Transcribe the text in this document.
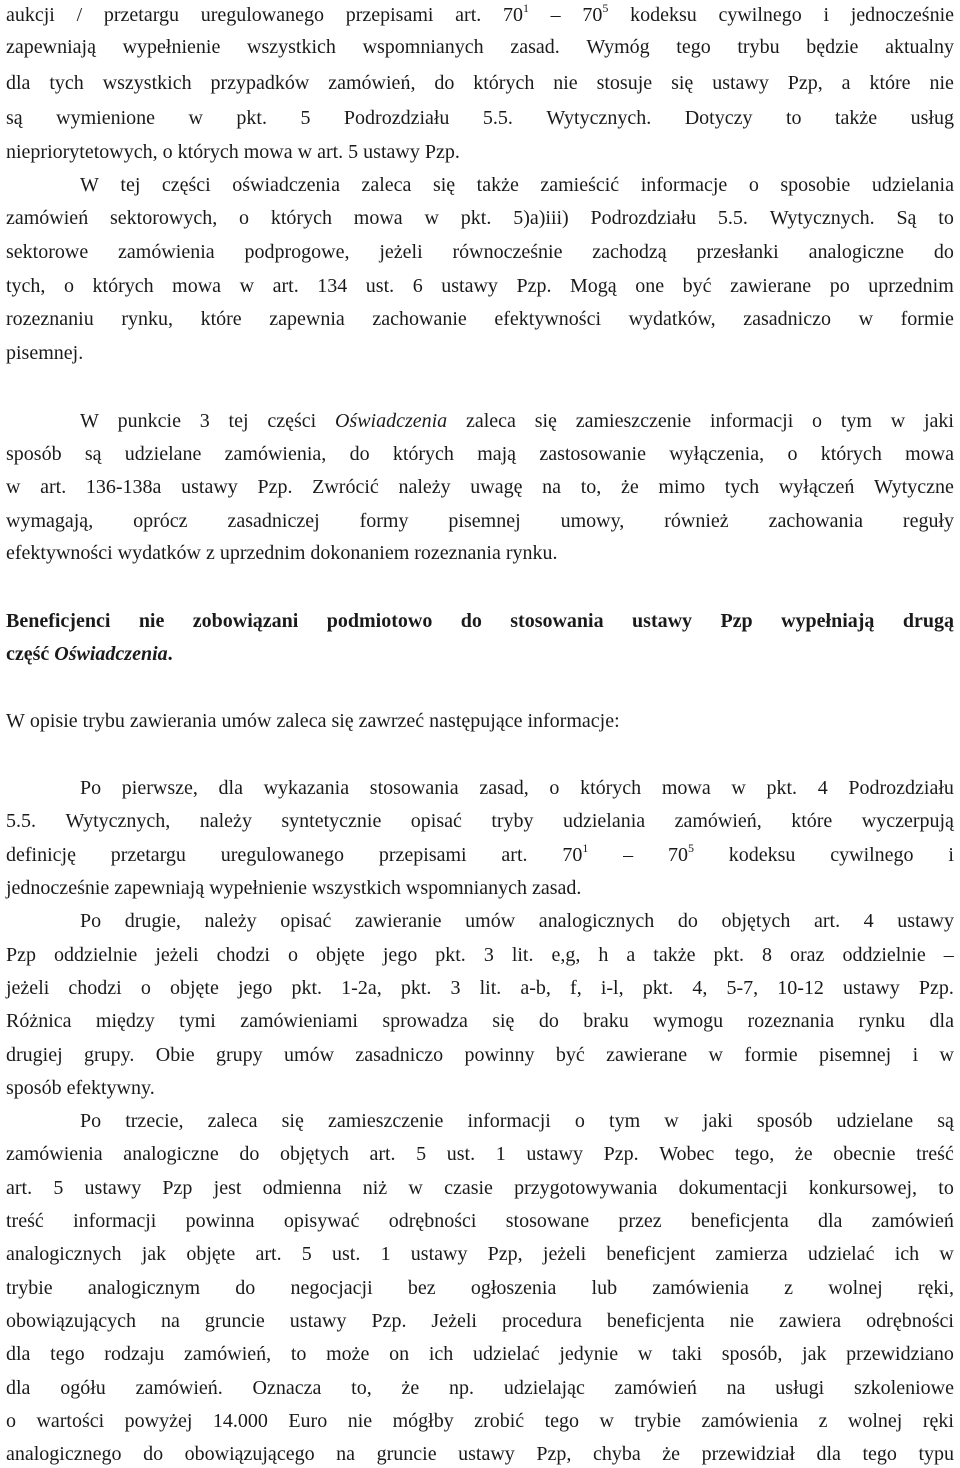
aukcji / przetargu uregulowanego przepisami art. $70^1 - 70^5$ kodeksu cywilnego i jednocześnie
zapewniają wypełnienie wszystkich wspomnianych zasad. Wymóg tego trybu będzie aktualny
dla tych wszystkich przypadków zamówień, do których nie stosuje się ustawy Pzp, a które nie
są wymienione w pkt. 5 Podrozdziału 5.5. Wytycznych. Dotyczy to także usług
niepriorytetowych, o których mowa w art. 5 ustawy Pzp.
W tej części oświadczenia zaleca się także zamieścić informacje o sposobie udzielania
zamówień sektorowych, o których mowa w pkt. 5)a)iii) Podrozdziału 5.5. Wytycznych. Są to
sektorowe zamówienia podprogowe, jeżeli równocześnie zachodzą przesłanki analogiczne do
tych, o których mowa w art. 134 ust. 6 ustawy Pzp. Mogą one być zawierane po uprzednim
rozeznaniu rynku, które zapewnia zachowanie efektywności wydatków, zasadniczo w formie
pisemnej.
W punkcie 3 tej części Oświadczenia zaleca się zamieszczenie informacji o tym w jaki
sposób są udzielane zamówienia, do których mają zastosowanie wyłączenia, o których mowa
w art. 136-138a ustawy Pzp. Zwrócić należy uwagę na to, że mimo tych wyłączeń Wytyczne
wymagają, oprócz zasadniczej formy pisemnej umowy, również zachowania reguły
efektywności wydatków z uprzednim dokonaniem rozeznania rynku.
Beneficjenci nie zobowiązani podmiotowo do stosowania ustawy Pzp wypełniają drugą
część Oświadczenia.
W opisie trybu zawierania umów zaleca się zawrzeć następujące informacje:
Po pierwsze, dla wykazania stosowania zasad, o których mowa w pkt. 4 Podrozdziału
5.5. Wytycznych, należy syntetycznie opisać tryby udzielania zamówień, które wyczerpują
definicję przetargu uregulowanego przepisami art. $70^1 - 70^5$ kodeksu cywilnego i
jednocześnie zapewniają wypełnienie wszystkich wspomnianych zasad.
Po drugie, należy opisać zawieranie umów analogicznych do objętych art. 4 ustawy
Pzp oddzielnie jeżeli chodzi o objęte jego pkt. 3 lit. e,g, h a także pkt. 8 oraz oddzielnie –
jeżeli chodzi o objęte jego pkt. 1-2a, pkt. 3 lit. a-b, f, i-l, pkt. 4, 5-7, 10-12 ustawy Pzp.
Różnica między tymi zamówieniami sprowadza się do braku wymogu rozeznania rynku dla
drugiej grupy. Obie grupy umów zasadniczo powinny być zawierane w formie pisemnej i w
sposób efektywny.
Po trzecie, zaleca się zamieszczenie informacji o tym w jaki sposób udzielane są
zamówienia analogiczne do objętych art. 5 ust. 1 ustawy Pzp. Wobec tego, że obecnie treść
art. 5 ustawy Pzp jest odmienna niż w czasie przygotowywania dokumentacji konkursowej, to
treść informacji powinna opisywać odrębności stosowane przez beneficjenta dla zamówień
analogicznych jak objęte art. 5 ust. 1 ustawy Pzp, jeżeli beneficjent zamierza udzielać ich w
trybie analogicznym do negocjacji bez ogłoszenia lub zamówienia z wolnej ręki,
obowiązujących na gruncie ustawy Pzp. Jeżeli procedura beneficjenta nie zawiera odrębności
dla tego rodzaju zamówień, to może on ich udzielać jedynie w taki sposób, jak przewidziano
dla ogółu zamówień. Oznacza to, że np. udzielając zamówień na usługi szkoleniowe
o wartości powyżej 14.000 Euro nie mógłby zrobić tego w trybie zamówienia z wolnej ręki
analogicznego do obowiązującego na gruncie ustawy Pzp, chyba że przewidział dla tego typu
